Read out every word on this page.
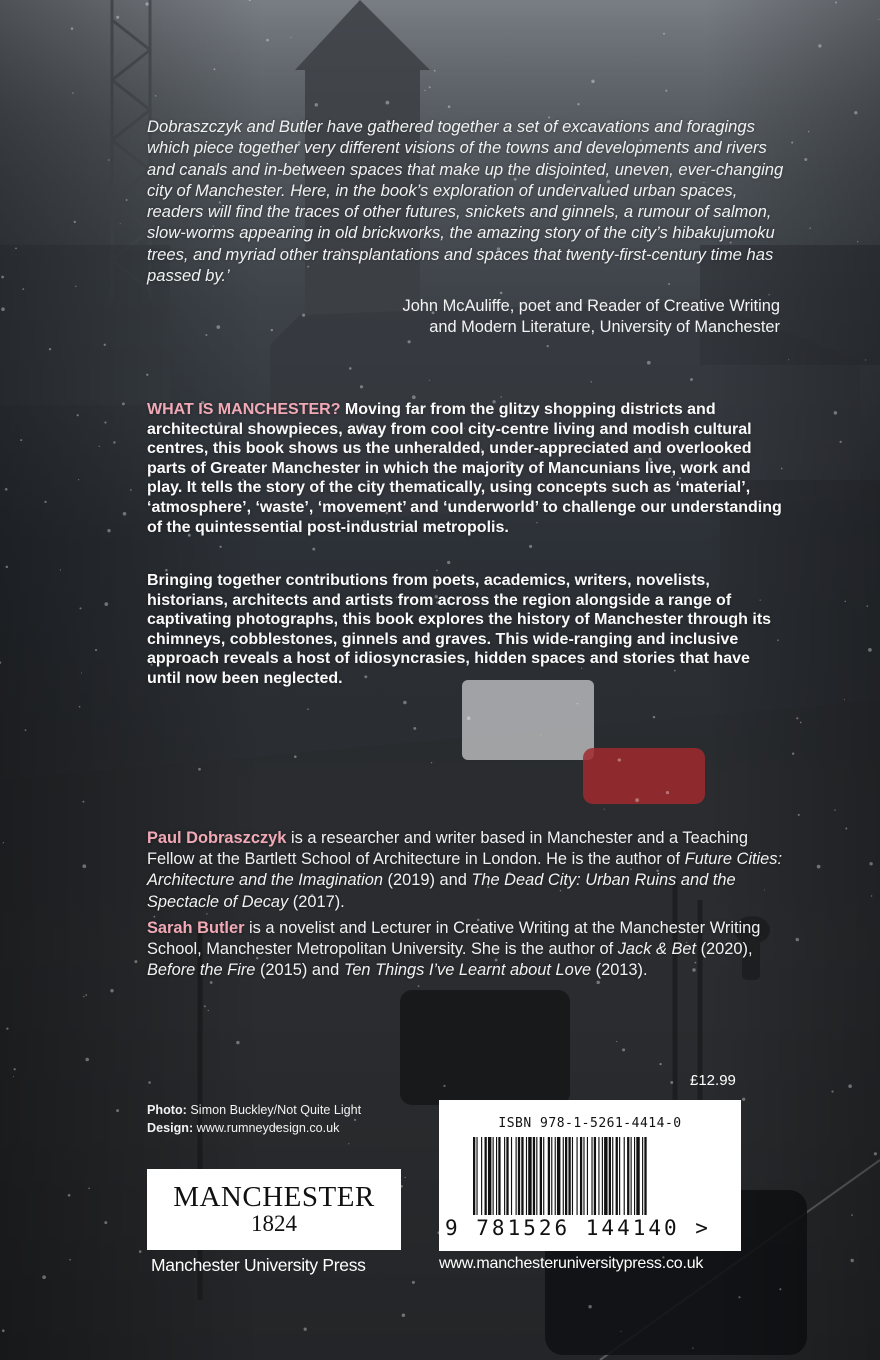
Dobraszczyk and Butler have gathered together a set of excavations and foragings which piece together very different visions of the towns and developments and rivers and canals and in-between spaces that make up the disjointed, uneven, ever-changing city of Manchester. Here, in the book’s exploration of undervalued urban spaces, readers will find the traces of other futures, snickets and ginnels, a rumour of salmon, slow-worms appearing in old brickworks, the amazing story of the city’s hibakujumoku trees, and myriad other transplantations and spaces that twenty-first-century time has passed by.’
John McAuliffe, poet and Reader of Creative Writing
and Modern Literature, University of Manchester

WHAT IS MANCHESTER? Moving far from the glitzy shopping districts and architectural showpieces, away from cool city-centre living and modish cultural centres, this book shows us the unheralded, under-appreciated and overlooked parts of Greater Manchester in which the majority of Mancunians live, work and play. It tells the story of the city thematically, using concepts such as ‘material’, ‘atmosphere’, ‘waste’, ‘movement’ and ‘underworld’ to challenge our understanding of the quintessential post-industrial metropolis.

Bringing together contributions from poets, academics, writers, novelists, historians, architects and artists from across the region alongside a range of captivating photographs, this book explores the history of Manchester through its chimneys, cobblestones, ginnels and graves. This wide-ranging and inclusive approach reveals a host of idiosyncrasies, hidden spaces and stories that have until now been neglected.

Paul Dobraszczyk is a researcher and writer based in Manchester and a Teaching Fellow at the Bartlett School of Architecture in London. He is the author of Future Cities: Architecture and the Imagination (2019) and The Dead City: Urban Ruins and the Spectacle of Decay (2017).

Sarah Butler is a novelist and Lecturer in Creative Writing at the Manchester Writing School, Manchester Metropolitan University. She is the author of Jack & Bet (2020), Before the Fire (2015) and Ten Things I’ve Learnt about Love (2013).

£12.99
Photo: Simon Buckley/Not Quite Light
Design: www.rumneydesign.co.uk	ISBN 978-1-5261-4414-0
9 781526 144140 >
MANCHESTER
1824
Manchester University Press	www.manchesteruniversitypress.co.uk
